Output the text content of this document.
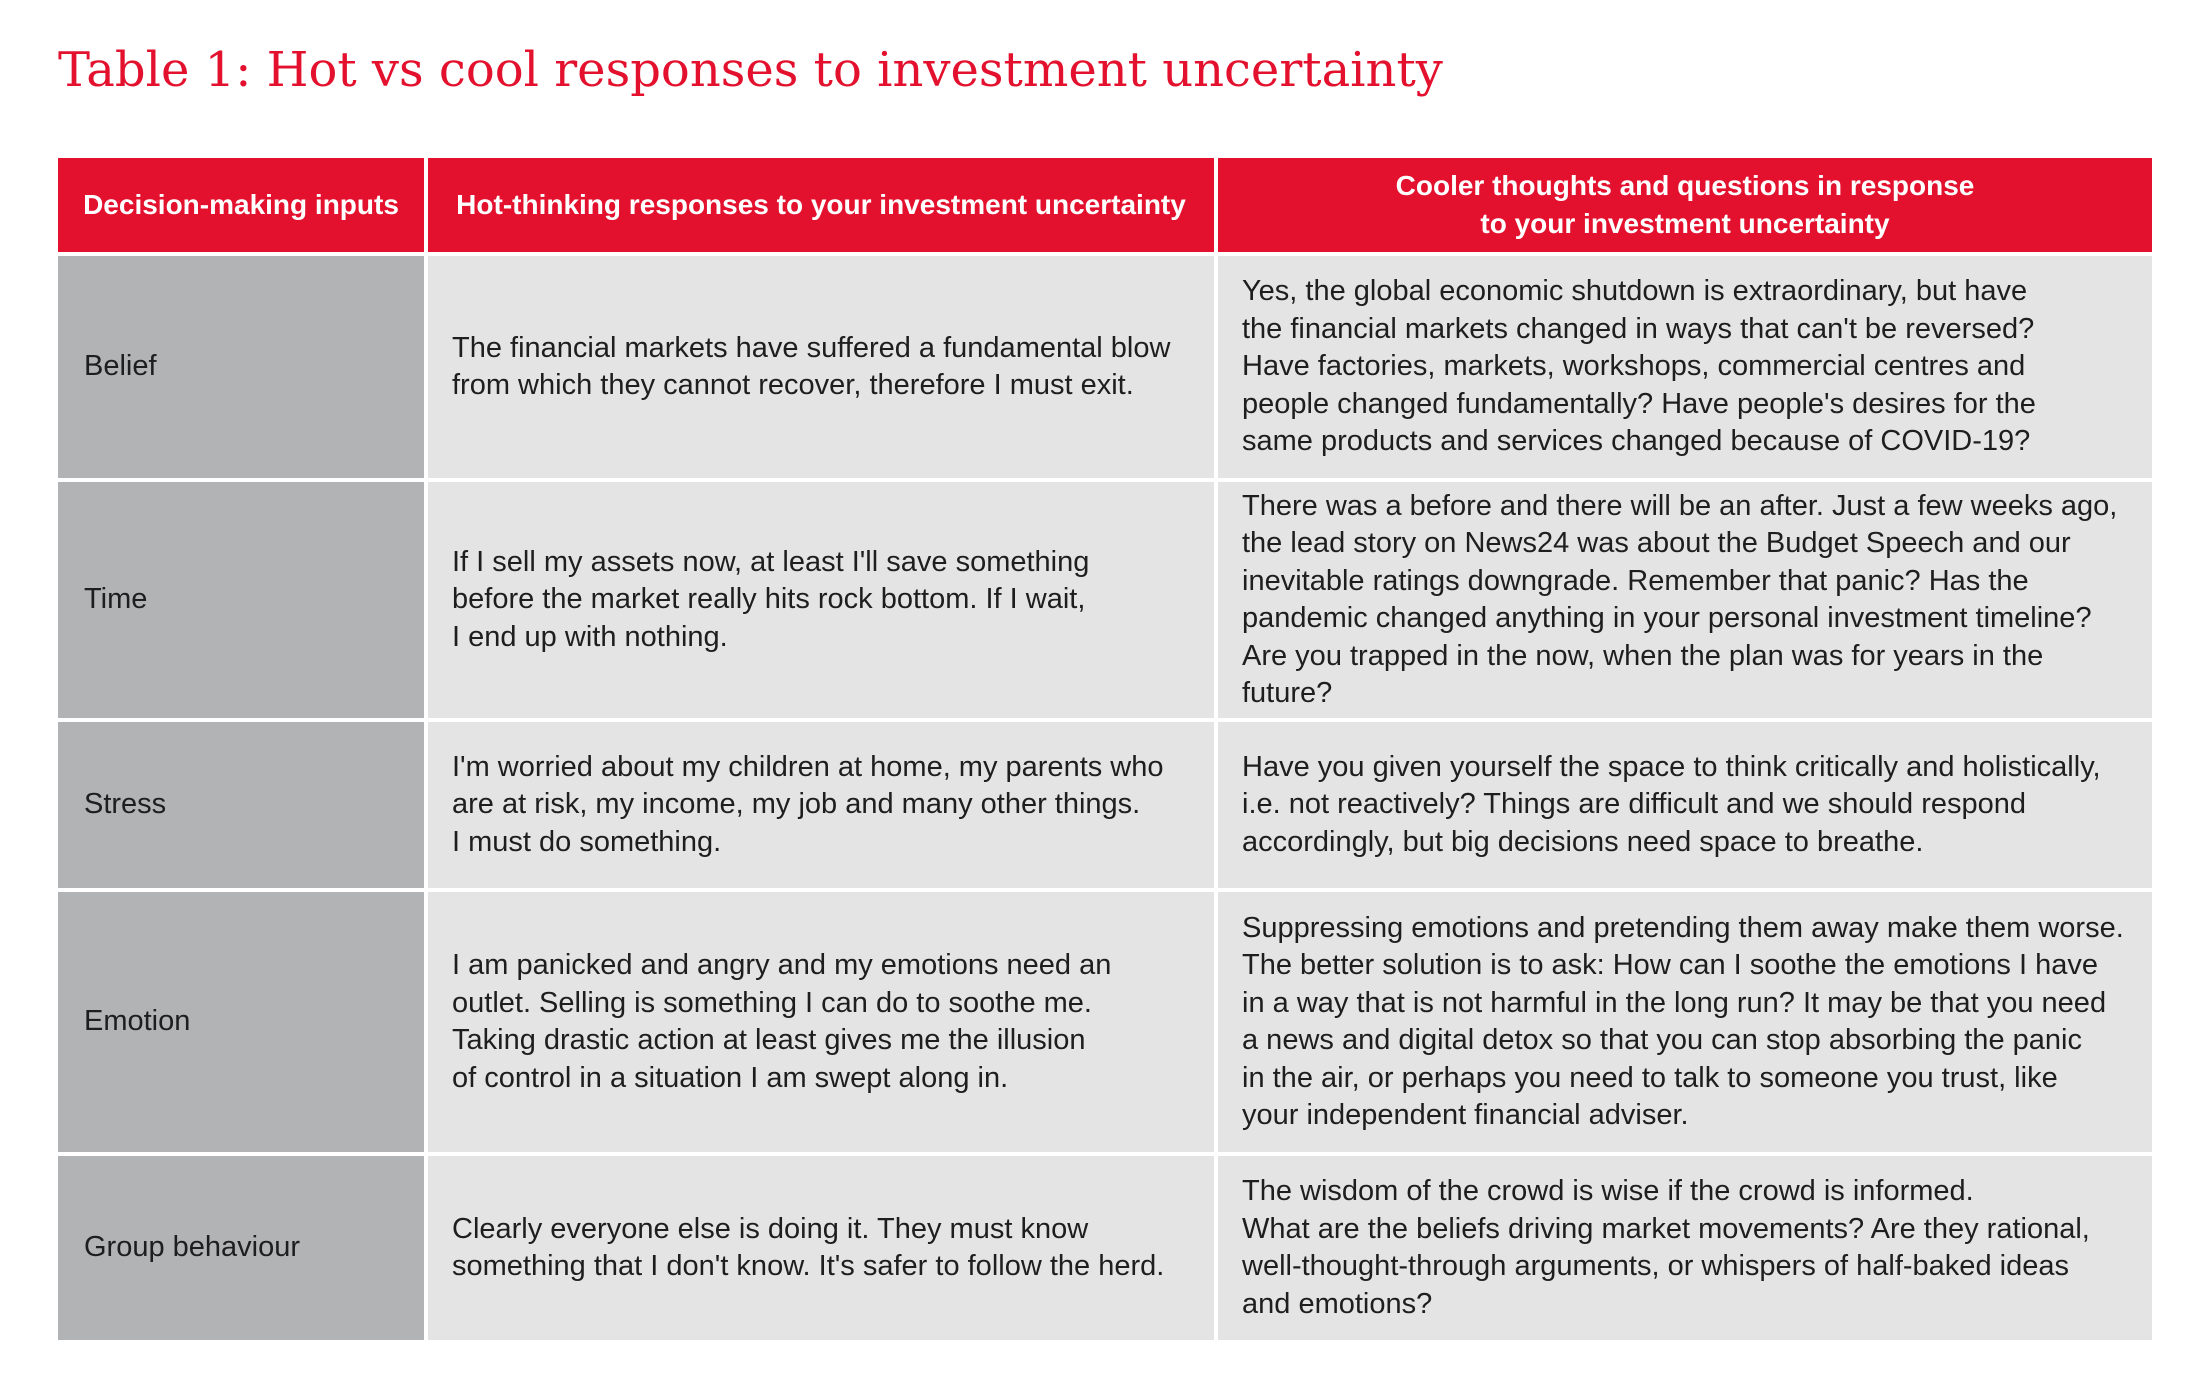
Table 1: Hot vs cool responses to investment uncertainty
Decision-making inputs	Hot-thinking responses to your investment uncertainty
Cooler thoughts and questions in response
to your investment uncertainty
Belief
The financial markets have suffered a fundamental blow
from which they cannot recover, therefore I must exit.
Yes, the global economic shutdown is extraordinary, but have
the financial markets changed in ways that can't be reversed?
Have factories, markets, workshops, commercial centres and
people changed fundamentally? Have people's desires for the
same products and services changed because of COVID-19?
Time
If I sell my assets now, at least I'll save something
before the market really hits rock bottom. If I wait,
I end up with nothing.
There was a before and there will be an after. Just a few weeks ago,
the lead story on News24 was about the Budget Speech and our
inevitable ratings downgrade. Remember that panic? Has the
pandemic changed anything in your personal investment timeline?
Are you trapped in the now, when the plan was for years in the future?
Stress
I'm worried about my children at home, my parents who
are at risk, my income, my job and many other things.
I must do something.
Have you given yourself the space to think critically and holistically,
i.e. not reactively? Things are difficult and we should respond
accordingly, but big decisions need space to breathe.
Emotion
I am panicked and angry and my emotions need an
outlet. Selling is something I can do to soothe me.
Taking drastic action at least gives me the illusion
of control in a situation I am swept along in.
Suppressing emotions and pretending them away make them worse.
The better solution is to ask: How can I soothe the emotions I have
in a way that is not harmful in the long run? It may be that you need
a news and digital detox so that you can stop absorbing the panic
in the air, or perhaps you need to talk to someone you trust, like
your independent financial adviser.
Group behaviour
Clearly everyone else is doing it. They must know
something that I don't know. It's safer to follow the herd.
The wisdom of the crowd is wise if the crowd is informed.
What are the beliefs driving market movements? Are they rational,
well-thought-through arguments, or whispers of half-baked ideas
and emotions?
